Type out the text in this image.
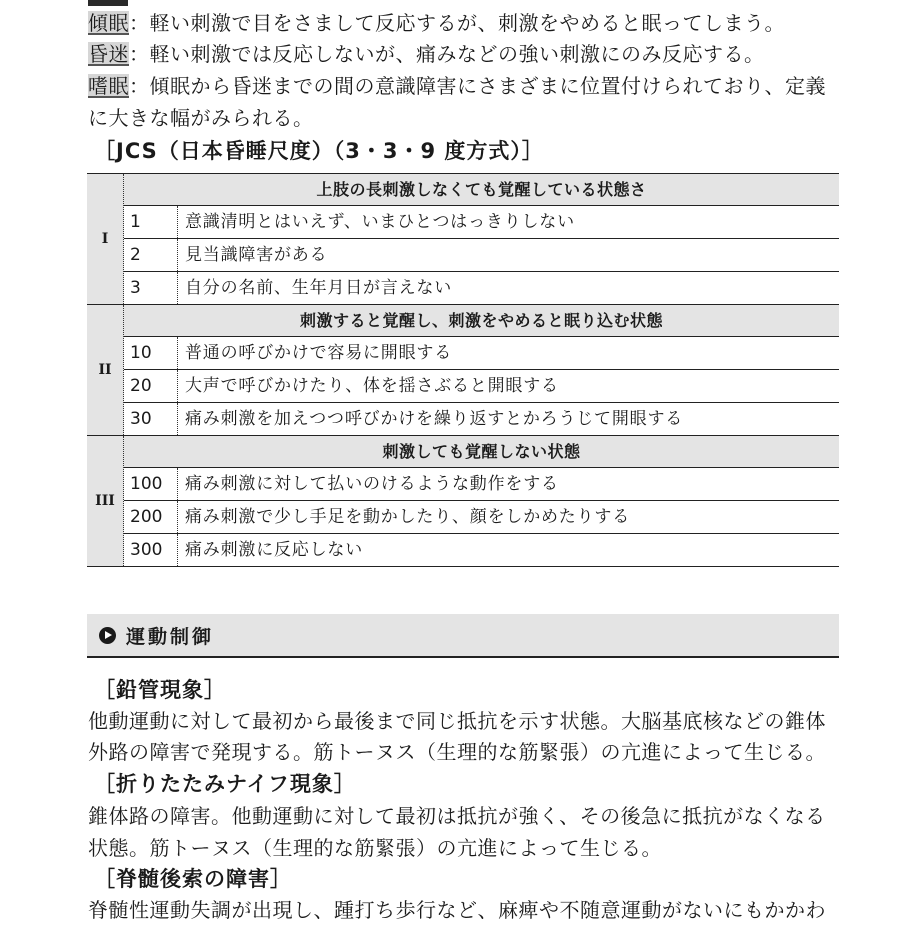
傾眠：軽い刺激で目をさまして反応するが、刺激をやめると眠ってしまう。
昏迷：軽い刺激では反応しないが、痛みなどの強い刺激にのみ反応する。
嗜眠：傾眠から昏迷までの間の意識障害にさまざまに位置付けられており、定義
に大きな幅がみられる。
［JCS（日本昏睡尺度）（3・3・9 度方式）］
I
上肢の長刺激しなくても覚醒している状態さ
1	意識清明とはいえず、いまひとつはっきりしない
2	見当識障害がある
3	自分の名前、生年月日が言えない
II
刺激すると覚醒し、刺激をやめると眠り込む状態
10	普通の呼びかけで容易に開眼する
20	大声で呼びかけたり、体を揺さぶると開眼する
30	痛み刺激を加えつつ呼びかけを繰り返すとかろうじて開眼する
III
刺激しても覚醒しない状態
100	痛み刺激に対して払いのけるような動作をする
200	痛み刺激で少し手足を動かしたり、顔をしかめたりする
300	痛み刺激に反応しない
運動制御
［鉛管現象］
他動運動に対して最初から最後まで同じ抵抗を示す状態。大脳基底核などの錐体
外路の障害で発現する。筋トーヌス（生理的な筋緊張）の亢進によって生じる。
［折りたたみナイフ現象］
錐体路の障害。他動運動に対して最初は抵抗が強く、その後急に抵抗がなくなる
状態。筋トーヌス（生理的な筋緊張）の亢進によって生じる。
［脊髄後索の障害］
脊髄性運動失調が出現し、踵打ち歩行など、麻痺や不随意運動がないにもかかわ
